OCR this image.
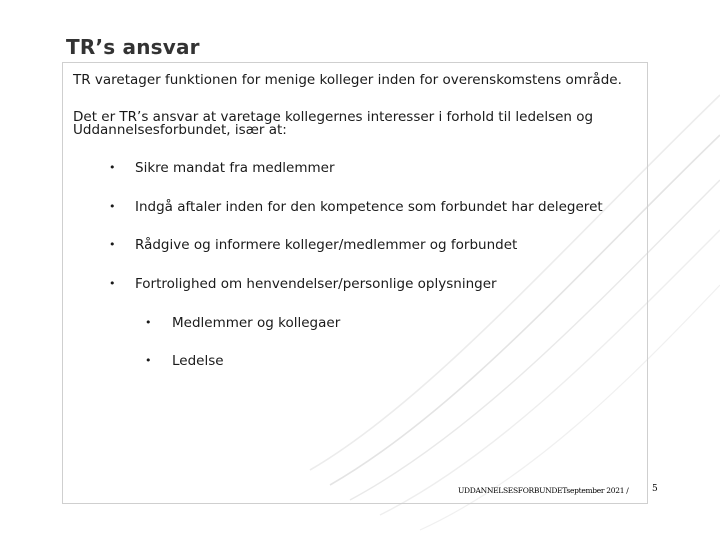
TR’s ansvar

TR varetager funktionen for menige kolleger inden for overenskomstens område.

Det er TR’s ansvar at varetage kollegernes interesser i forhold til ledelsen og
Uddannelsesforbundet, især at:
• Sikre mandat fra medlemmer
• Indgå aftaler inden for den kompetence som forbundet har delegeret
• Rådgive og informere kolleger/medlemmer og forbundet
• Fortrolighed om henvendelser/personlige oplysninger
• Medlemmer og kollegaer
• Ledelse
UDDANNELSESFORBUNDETseptember 2021 /	5
